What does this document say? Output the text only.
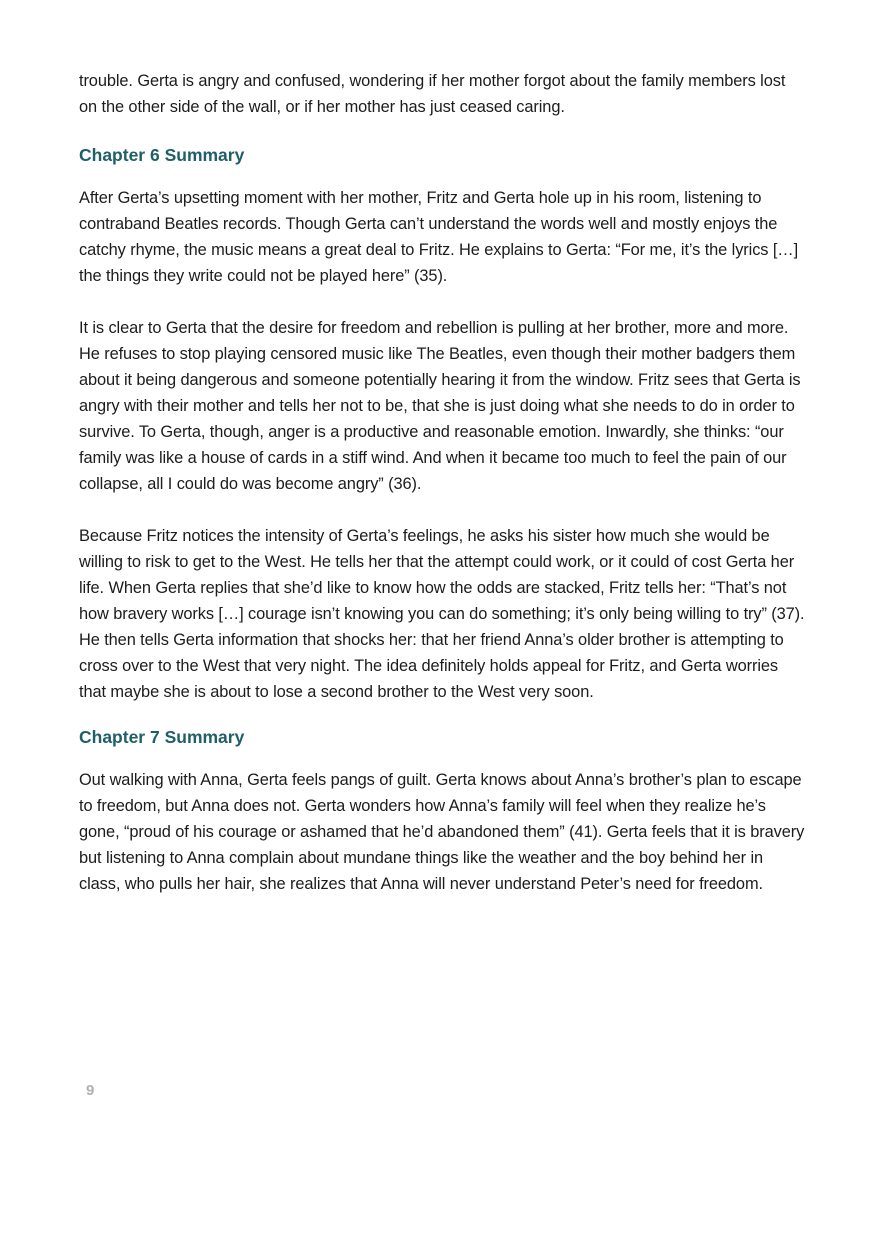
trouble. Gerta is angry and confused, wondering if her mother forgot about the family members lost on the other side of the wall, or if her mother has just ceased caring.

Chapter 6 Summary

After Gerta’s upsetting moment with her mother, Fritz and Gerta hole up in his room, listening to contraband Beatles records. Though Gerta can’t understand the words well and mostly enjoys the catchy rhyme, the music means a great deal to Fritz. He explains to Gerta: “For me, it’s the lyrics […] the things they write could not be played here” (35).

It is clear to Gerta that the desire for freedom and rebellion is pulling at her brother, more and more. He refuses to stop playing censored music like The Beatles, even though their mother badgers them about it being dangerous and someone potentially hearing it from the window. Fritz sees that Gerta is angry with their mother and tells her not to be, that she is just doing what she needs to do in order to survive. To Gerta, though, anger is a productive and reasonable emotion. Inwardly, she thinks: “our family was like a house of cards in a stiff wind. And when it became too much to feel the pain of our collapse, all I could do was become angry” (36).

Because Fritz notices the intensity of Gerta’s feelings, he asks his sister how much she would be willing to risk to get to the West. He tells her that the attempt could work, or it could of cost Gerta her life. When Gerta replies that she’d like to know how the odds are stacked, Fritz tells her: “That’s not how bravery works […] courage isn’t knowing you can do something; it’s only being willing to try” (37). He then tells Gerta information that shocks her: that her friend Anna’s older brother is attempting to cross over to the West that very night. The idea definitely holds appeal for Fritz, and Gerta worries that maybe she is about to lose a second brother to the West very soon.

Chapter 7 Summary

Out walking with Anna, Gerta feels pangs of guilt. Gerta knows about Anna’s brother’s plan to escape to freedom, but Anna does not. Gerta wonders how Anna’s family will feel when they realize he’s gone, “proud of his courage or ashamed that he’d abandoned them” (41). Gerta feels that it is bravery but listening to Anna complain about mundane things like the weather and the boy behind her in class, who pulls her hair, she realizes that Anna will never understand Peter’s need for freedom.

9
